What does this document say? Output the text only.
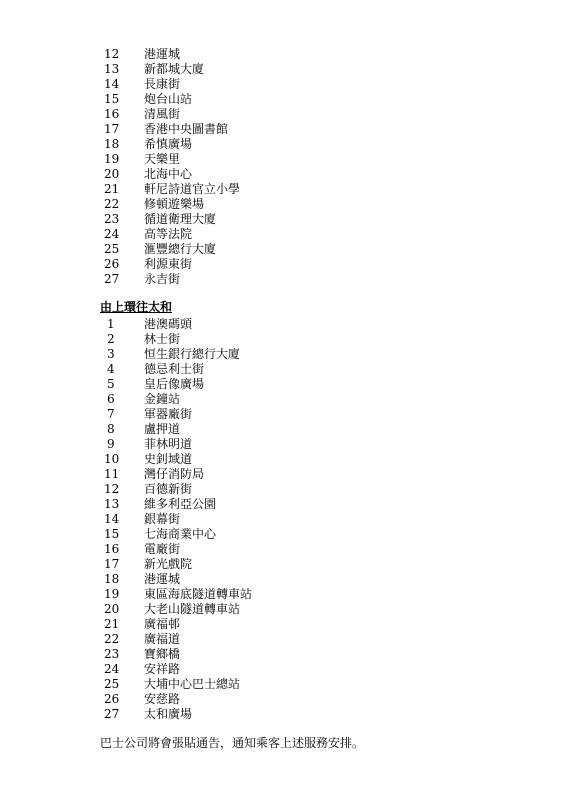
12	港運城
13	新都城大廈
14	長康街
15	炮台山站
16	清風街
17	香港中央圖書館
18	希慎廣場
19	天樂里
20	北海中心
21	軒尼詩道官立小學
22	修頓遊樂場
23	循道衛理大廈
24	高等法院
25	滙豐總行大廈
26	利源東街
27	永吉街
由上環往太和
1	港澳碼頭
2	林士街
3	恒生銀行總行大廈
4	德忌利士街
5	皇后像廣場
6	金鐘站
7	軍器廠街
8	盧押道
9	菲林明道
10	史釗域道
11	灣仔消防局
12	百德新街
13	維多利亞公園
14	銀幕街
15	七海商業中心
16	電廠街
17	新光戲院
18	港運城
19	東區海底隧道轉車站
20	大老山隧道轉車站
21	廣福邨
22	廣福道
23	寶鄉橋
24	安祥路
25	大埔中心巴士總站
26	安慈路
27	太和廣場
巴士公司將會張貼通告，通知乘客上述服務安排。
